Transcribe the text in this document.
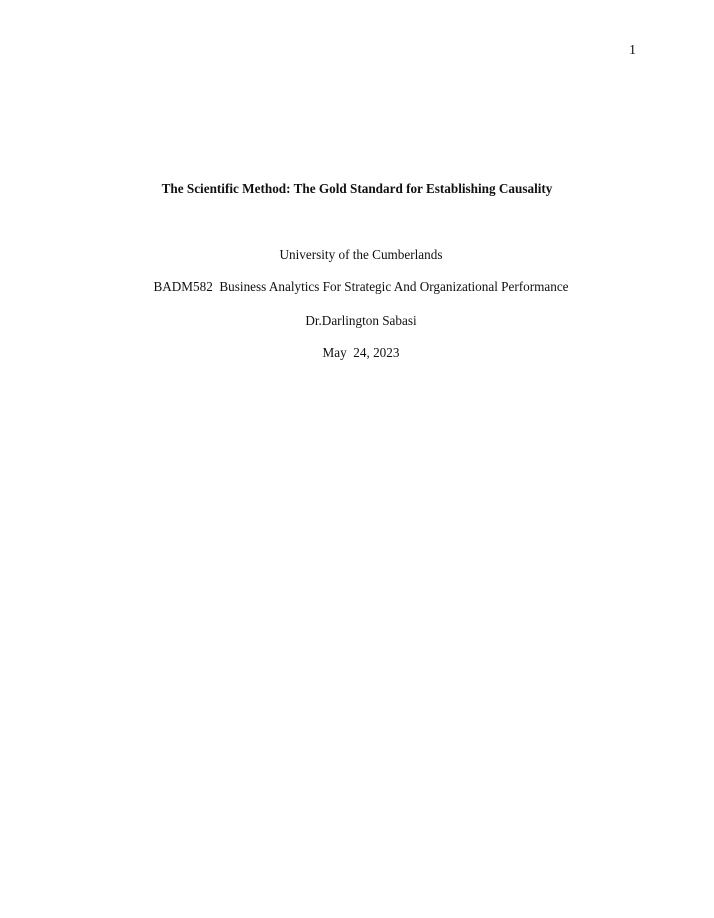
1
The Scientific Method: The Gold Standard for Establishing Causality

University of the Cumberlands

BADM582  Business Analytics For Strategic And Organizational Performance

Dr.Darlington Sabasi

May  24, 2023
